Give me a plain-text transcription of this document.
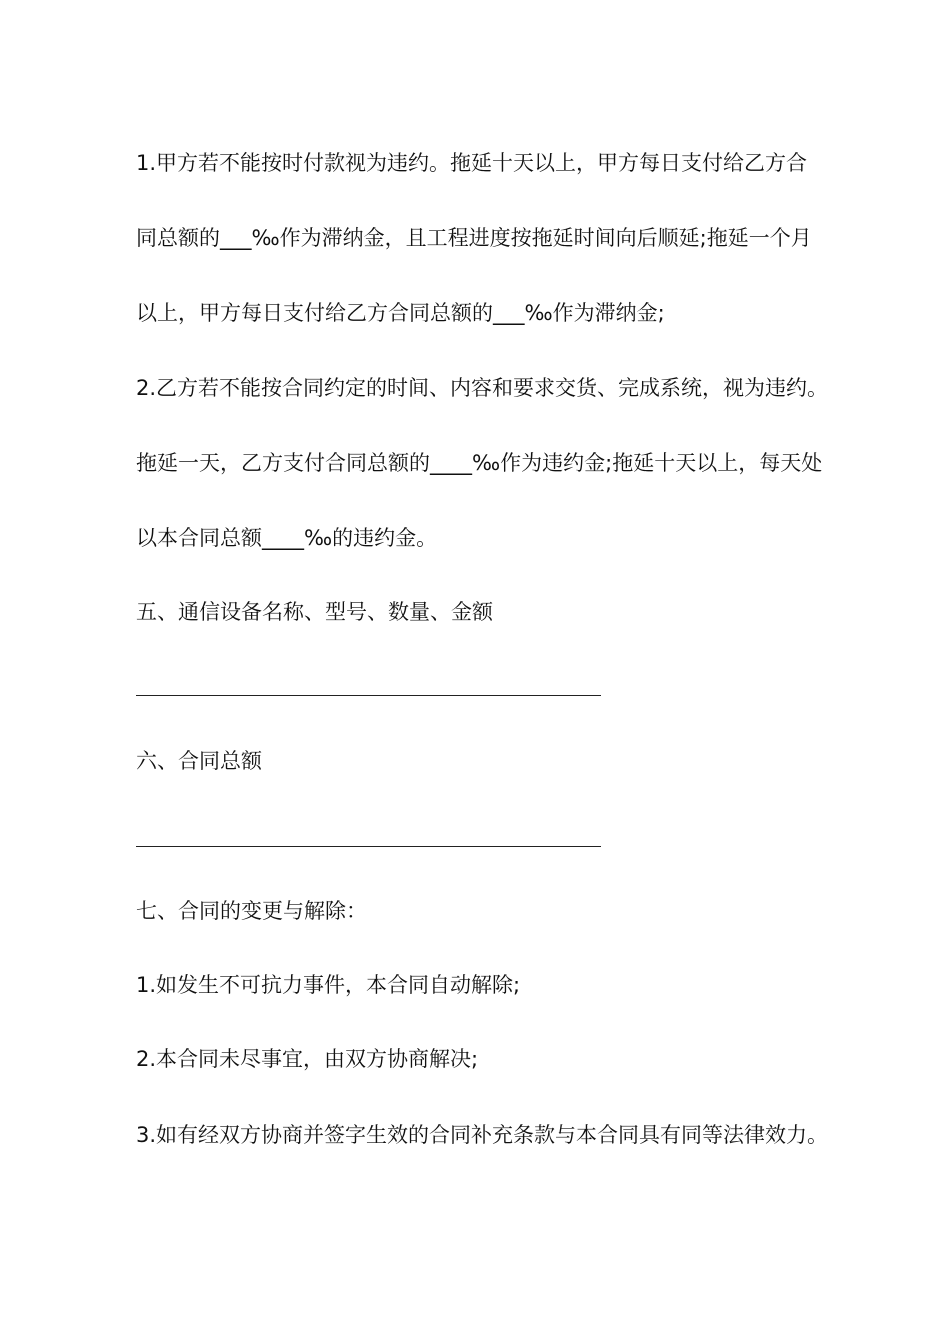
1.甲方若不能按时付款视为违约。拖延十天以上，甲方每日支付给乙方合
同总额的___‰作为滞纳金，且工程进度按拖延时间向后顺延;拖延一个月
以上，甲方每日支付给乙方合同总额的___‰作为滞纳金;
2.乙方若不能按合同约定的时间、内容和要求交货、完成系统，视为违约。
拖延一天，乙方支付合同总额的____‰作为违约金;拖延十天以上，每天处
以本合同总额____‰的违约金。
五、通信设备名称、型号、数量、金额
六、合同总额
七、合同的变更与解除：
1.如发生不可抗力事件，本合同自动解除;
2.本合同未尽事宜，由双方协商解决;
3.如有经双方协商并签字生效的合同补充条款与本合同具有同等法律效力。
